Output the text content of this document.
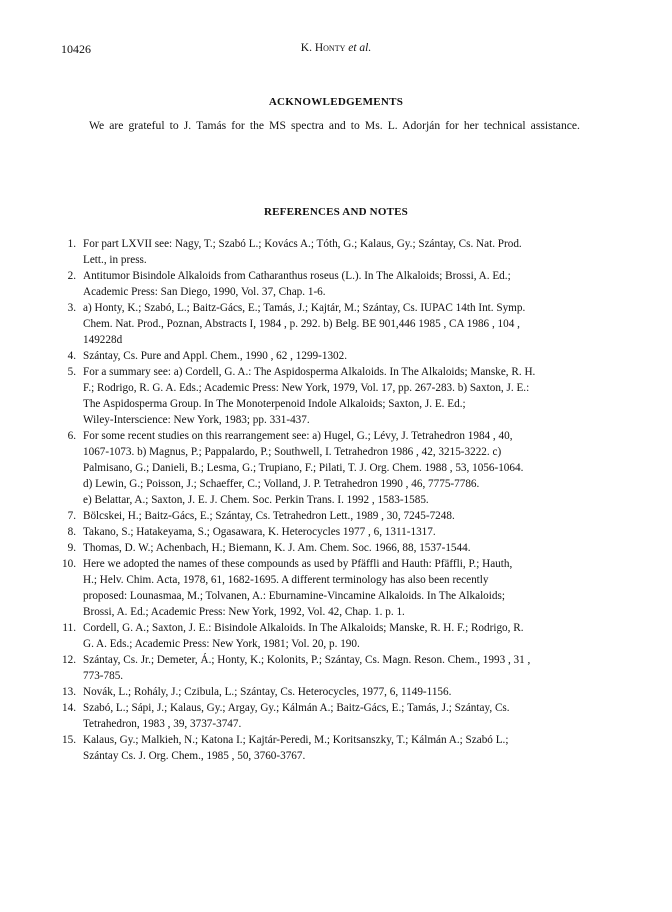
10426	K. Honty et al.
ACKNOWLEDGEMENTS
We are grateful to J. Tamás for the MS spectra and to Ms. L. Adorján for her technical assistance.
REFERENCES AND NOTES
1. For part LXVII see: Nagy, T.; Szabó L.; Kovács A.; Tóth, G.; Kalaus, Gy.; Szántay, Cs. Nat. Prod.
Lett., in press.
2. Antitumor Bisindole Alkaloids from Catharanthus roseus (L.). In The Alkaloids; Brossi, A. Ed.;
Academic Press: San Diego, 1990, Vol. 37, Chap. 1-6.
3. a) Honty, K.; Szabó, L.; Baitz-Gács, E.; Tamás, J.; Kajtár, M.; Szántay, Cs. IUPAC 14th Int. Symp.
Chem. Nat. Prod., Poznan, Abstracts I, 1984 , p. 292. b) Belg. BE 901,446 1985 , CA 1986 , 104 ,
149228d
4. Szántay, Cs. Pure and Appl. Chem., 1990 , 62 , 1299-1302.
5. For a summary see: a) Cordell, G. A.: The Aspidosperma Alkaloids. In The Alkaloids; Manske, R. H.
F.; Rodrigo, R. G. A. Eds.; Academic Press: New York, 1979, Vol. 17, pp. 267-283. b) Saxton, J. E.:
The Aspidosperma Group. In The Monoterpenoid Indole Alkaloids; Saxton, J. E. Ed.;
Wiley-Interscience: New York, 1983; pp. 331-437.
6. For some recent studies on this rearrangement see: a) Hugel, G.; Lévy, J. Tetrahedron 1984 , 40,
1067-1073. b) Magnus, P.; Pappalardo, P.; Southwell, I. Tetrahedron 1986 , 42, 3215-3222. c)
Palmisano, G.; Danieli, B.; Lesma, G.; Trupiano, F.; Pilati, T. J. Org. Chem. 1988 , 53, 1056-1064.
d) Lewin, G.; Poisson, J.; Schaeffer, C.; Volland, J. P. Tetrahedron 1990 , 46, 7775-7786.
e) Belattar, A.; Saxton, J. E. J. Chem. Soc. Perkin Trans. I. 1992 , 1583-1585.
7. Bölcskei, H.; Baitz-Gács, E.; Szántay, Cs. Tetrahedron Lett., 1989 , 30, 7245-7248.
8. Takano, S.; Hatakeyama, S.; Ogasawara, K. Heterocycles 1977 , 6, 1311-1317.
9. Thomas, D. W.; Achenbach, H.; Biemann, K. J. Am. Chem. Soc. 1966, 88, 1537-1544.
10. Here we adopted the names of these compounds as used by Pfäffli and Hauth: Pfäffli, P.; Hauth,
H.; Helv. Chim. Acta, 1978, 61, 1682-1695. A different terminology has also been recently
proposed: Lounasmaa, M.; Tolvanen, A.: Eburnamine-Vincamine Alkaloids. In The Alkaloids;
Brossi, A. Ed.; Academic Press: New York, 1992, Vol. 42, Chap. 1. p. 1.
11. Cordell, G. A.; Saxton, J. E.: Bisindole Alkaloids. In The Alkaloids; Manske, R. H. F.; Rodrigo, R.
G. A. Eds.; Academic Press: New York, 1981; Vol. 20, p. 190.
12. Szántay, Cs. Jr.; Demeter, Á.; Honty, K.; Kolonits, P.; Szántay, Cs. Magn. Reson. Chem., 1993 , 31 ,
773-785.
13. Novák, L.; Rohály, J.; Czibula, L.; Szántay, Cs. Heterocycles, 1977, 6, 1149-1156.
14. Szabó, L.; Sápi, J.; Kalaus, Gy.; Argay, Gy.; Kálmán A.; Baitz-Gács, E.; Tamás, J.; Szántay, Cs.
Tetrahedron, 1983 , 39, 3737-3747.
15. Kalaus, Gy.; Malkieh, N.; Katona I.; Kajtár-Peredi, M.; Koritsanszky, T.; Kálmán A.; Szabó L.;
Szántay Cs. J. Org. Chem., 1985 , 50, 3760-3767.
